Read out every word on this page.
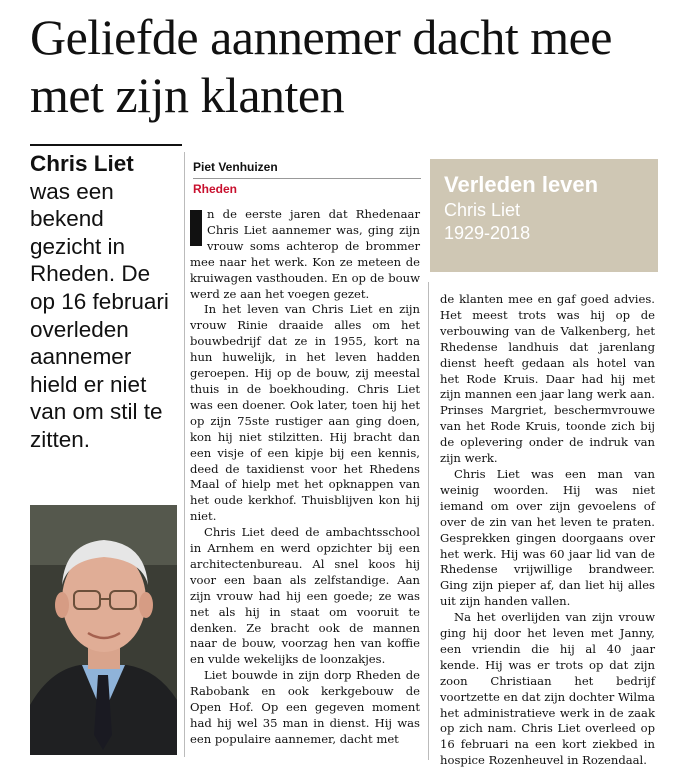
Geliefde aannemer dacht mee met zijn klanten
Chris Liet
was een bekend gezicht in Rheden. De op 16 februari overleden aannemer hield er niet van om stil te zitten.
Piet Venhuizen
Rheden	Verleden leven
Chris Liet
1929-2018

n de eerste jaren dat Rhedenaar Chris Liet aannemer was, ging zijn vrouw soms achterop de brommer mee naar het werk. Kon ze meteen de kruiwagen vasthouden. En op de bouw werd ze aan het voegen gezet.

In het leven van Chris Liet en zijn vrouw Rinie draaide alles om het bouwbedrijf dat ze in 1955, kort na hun huwelijk, in het leven hadden geroepen. Hij op de bouw, zij meestal thuis in de boekhouding. Chris Liet was een doener. Ook later, toen hij het op zijn 75ste rustiger aan ging doen, kon hij niet stilzitten. Hij bracht dan een visje of een kipje bij een kennis, deed de taxidienst voor het Rhedens Maal of hielp met het opknappen van het oude kerkhof. Thuisblijven kon hij niet.

Chris Liet deed de ambachtsschool in Arnhem en werd opzichter bij een architectenbureau. Al snel koos hij voor een baan als zelfstandige. Aan zijn vrouw had hij een goede; ze was net als hij in staat om vooruit te denken. Ze bracht ook de mannen naar de bouw, voorzag hen van koffie en vulde wekelijks de loonzakjes.

Liet bouwde in zijn dorp Rheden de Rabobank en ook kerkgebouw de Open Hof. Op een gegeven moment had hij wel 35 man in dienst. Hij was een populaire aannemer, dacht met

de klanten mee en gaf goed advies. Het meest trots was hij op de verbouwing van de Valkenberg, het Rhedense landhuis dat jarenlang dienst heeft gedaan als hotel van het Rode Kruis. Daar had hij met zijn mannen een jaar lang werk aan. Prinses Margriet, beschermvrouwe van het Rode Kruis, toonde zich bij de oplevering onder de indruk van zijn werk.

Chris Liet was een man van weinig woorden. Hij was niet iemand om over zijn gevoelens of over de zin van het leven te praten. Gesprekken gingen doorgaans over het werk. Hij was 60 jaar lid van de Rhedense vrijwillige brandweer. Ging zijn pieper af, dan liet hij alles uit zijn handen vallen.

Na het overlijden van zijn vrouw ging hij door het leven met Janny, een vriendin die hij al 40 jaar kende. Hij was er trots op dat zijn zoon Christiaan het bedrijf voortzette en dat zijn dochter Wilma het administratieve werk in de zaak op zich nam. Chris Liet overleed op 16 februari na een kort ziekbed in hospice Rozenheuvel in Rozendaal.
